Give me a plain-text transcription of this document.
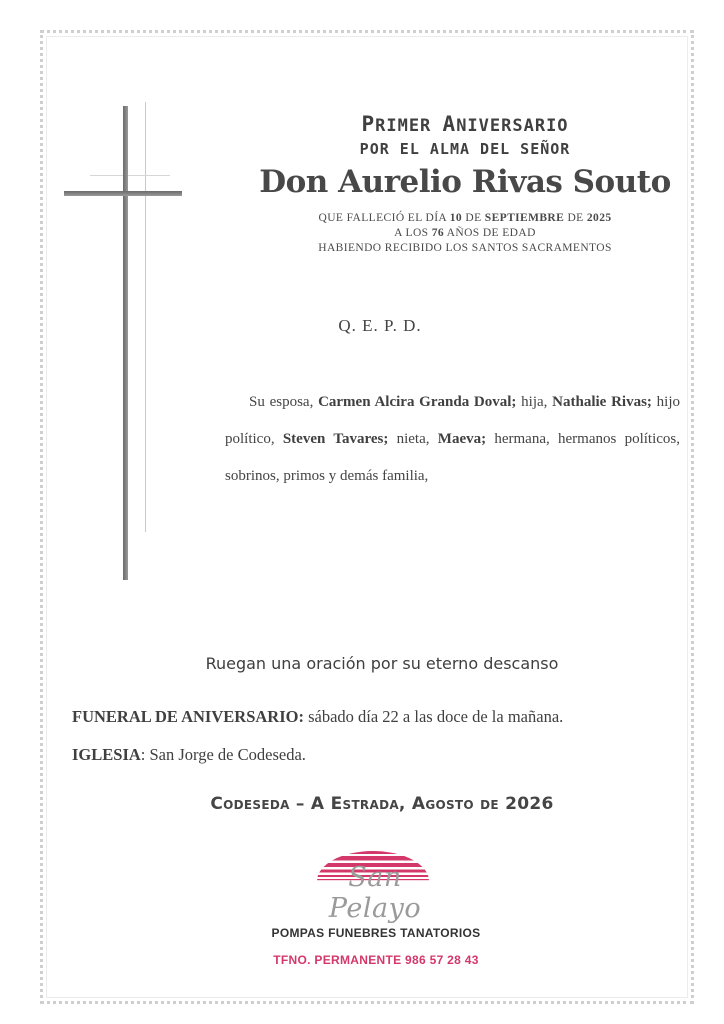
PRIMER ANIVERSARIO
POR EL ALMA DEL SEÑOR
Don Aurelio Rivas Souto
QUE FALLECIÓ EL DÍA 10 DE SEPTIEMBRE DE 2025
A LOS 76 AÑOS DE EDAD
HABIENDO RECIBIDO LOS SANTOS SACRAMENTOS
Q. E. P. D.
Su esposa, Carmen Alcira Granda Doval; hija, Nathalie Rivas; hijo político, Steven Tavares; nieta, Maeva; hermana, hermanos políticos, sobrinos, primos y demás familia,
Ruegan una oración por su eterno descanso
FUNERAL DE ANIVERSARIO: sábado día 22 a las doce de la mañana.
IGLESIA: San Jorge de Codeseda.
Codeseda – A Estrada, Agosto de 2026
San Pelayo
POMPAS FUNEBRES TANATORIOS
TFNO. PERMANENTE 986 57 28 43
